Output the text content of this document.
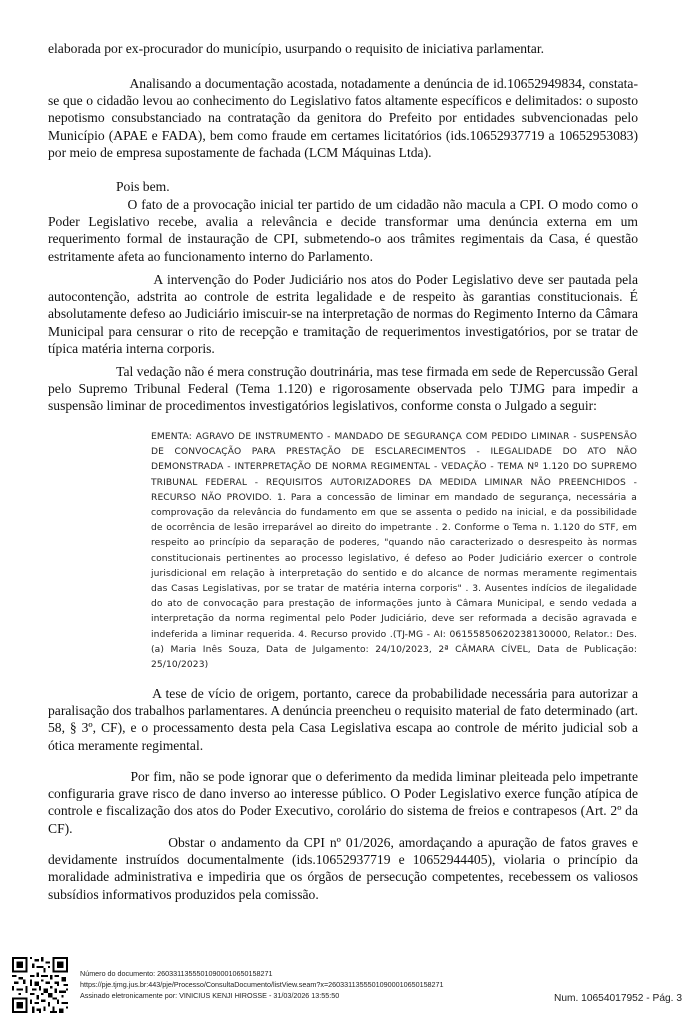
elaborada por ex-procurador do município, usurpando o requisito de iniciativa parlamentar.

Analisando a documentação acostada, notadamente a denúncia de id.10652949834, constata-se que o cidadão levou ao conhecimento do Legislativo fatos altamente específicos e delimitados: o suposto nepotismo consubstanciado na contratação da genitora do Prefeito por entidades subvencionadas pelo Município (APAE e FADA), bem como fraude em certames licitatórios (ids.10652937719 a 10652953083) por meio de empresa supostamente de fachada (LCM Máquinas Ltda).

Pois bem.

O fato de a provocação inicial ter partido de um cidadão não macula a CPI. O modo como o Poder Legislativo recebe, avalia a relevância e decide transformar uma denúncia externa em um requerimento formal de instauração de CPI, submetendo-o aos trâmites regimentais da Casa, é questão estritamente afeta ao funcionamento interno do Parlamento.

A intervenção do Poder Judiciário nos atos do Poder Legislativo deve ser pautada pela autocontenção, adstrita ao controle de estrita legalidade e de respeito às garantias constitucionais. É absolutamente defeso ao Judiciário imiscuir-se na interpretação de normas do Regimento Interno da Câmara Municipal para censurar o rito de recepção e tramitação de requerimentos investigatórios, por se tratar de típica matéria interna corporis.

Tal vedação não é mera construção doutrinária, mas tese firmada em sede de Repercussão Geral pelo Supremo Tribunal Federal (Tema 1.120) e rigorosamente observada pelo TJMG para impedir a suspensão liminar de procedimentos investigatórios legislativos, conforme consta o Julgado a seguir:

EMENTA: AGRAVO DE INSTRUMENTO - MANDADO DE SEGURANÇA COM PEDIDO LIMINAR - SUSPENSÃO DE CONVOCAÇÃO PARA PRESTAÇÃO DE ESCLARECIMENTOS - ILEGALIDADE DO ATO NÃO DEMONSTRADA - INTERPRETAÇÃO DE NORMA REGIMENTAL - VEDAÇÃO - TEMA Nº 1.120 DO SUPREMO TRIBUNAL FEDERAL - REQUISITOS AUTORIZADORES DA MEDIDA LIMINAR NÃO PREENCHIDOS - RECURSO NÃO PROVIDO. 1. Para a concessão de liminar em mandado de segurança, necessária a comprovação da relevância do fundamento em que se assenta o pedido na inicial, e da possibilidade de ocorrência de lesão irreparável ao direito do impetrante . 2. Conforme o Tema n. 1.120 do STF, em respeito ao princípio da separação de poderes, "quando não caracterizado o desrespeito às normas constitucionais pertinentes ao processo legislativo, é defeso ao Poder Judiciário exercer o controle jurisdicional em relação à interpretação do sentido e do alcance de normas meramente regimentais das Casas Legislativas, por se tratar de matéria interna corporis" . 3. Ausentes indícios de ilegalidade do ato de convocação para prestação de informações junto à Câmara Municipal, e sendo vedada a interpretação da norma regimental pelo Poder Judiciário, deve ser reformada a decisão agravada e indeferida a liminar requerida. 4. Recurso provido .(TJ-MG - AI: 06155850620238130000, Relator.: Des.(a) Maria Inês Souza, Data de Julgamento: 24/10/2023, 2ª CÂMARA CÍVEL, Data de Publicação: 25/10/2023)

A tese de vício de origem, portanto, carece da probabilidade necessária para autorizar a paralisação dos trabalhos parlamentares. A denúncia preencheu o requisito material de fato determinado (art. 58, § 3º, CF), e o processamento desta pela Casa Legislativa escapa ao controle de mérito judicial sob a ótica meramente regimental.

Por fim, não se pode ignorar que o deferimento da medida liminar pleiteada pelo impetrante configuraria grave risco de dano inverso ao interesse público. O Poder Legislativo exerce função atípica de controle e fiscalização dos atos do Poder Executivo, corolário do sistema de freios e contrapesos (Art. 2º da CF).

Obstar o andamento da CPI nº 01/2026, amordaçando a apuração de fatos graves e devidamente instruídos documentalmente (ids.10652937719 e 10652944405), violaria o princípio da moralidade administrativa e impediria que os órgãos de persecução competentes, recebessem os valiosos subsídios informativos produzidos pela comissão.

Número do documento: 26033113555010900010650158271
https://pje.tjmg.jus.br:443/pje/Processo/ConsultaDocumento/listView.seam?x=26033113555010900010650158271
Assinado eletronicamente por: VINICIUS KENJI HIROSSE - 31/03/2026 13:55:50	Num. 10654017952 - Pág. 3
